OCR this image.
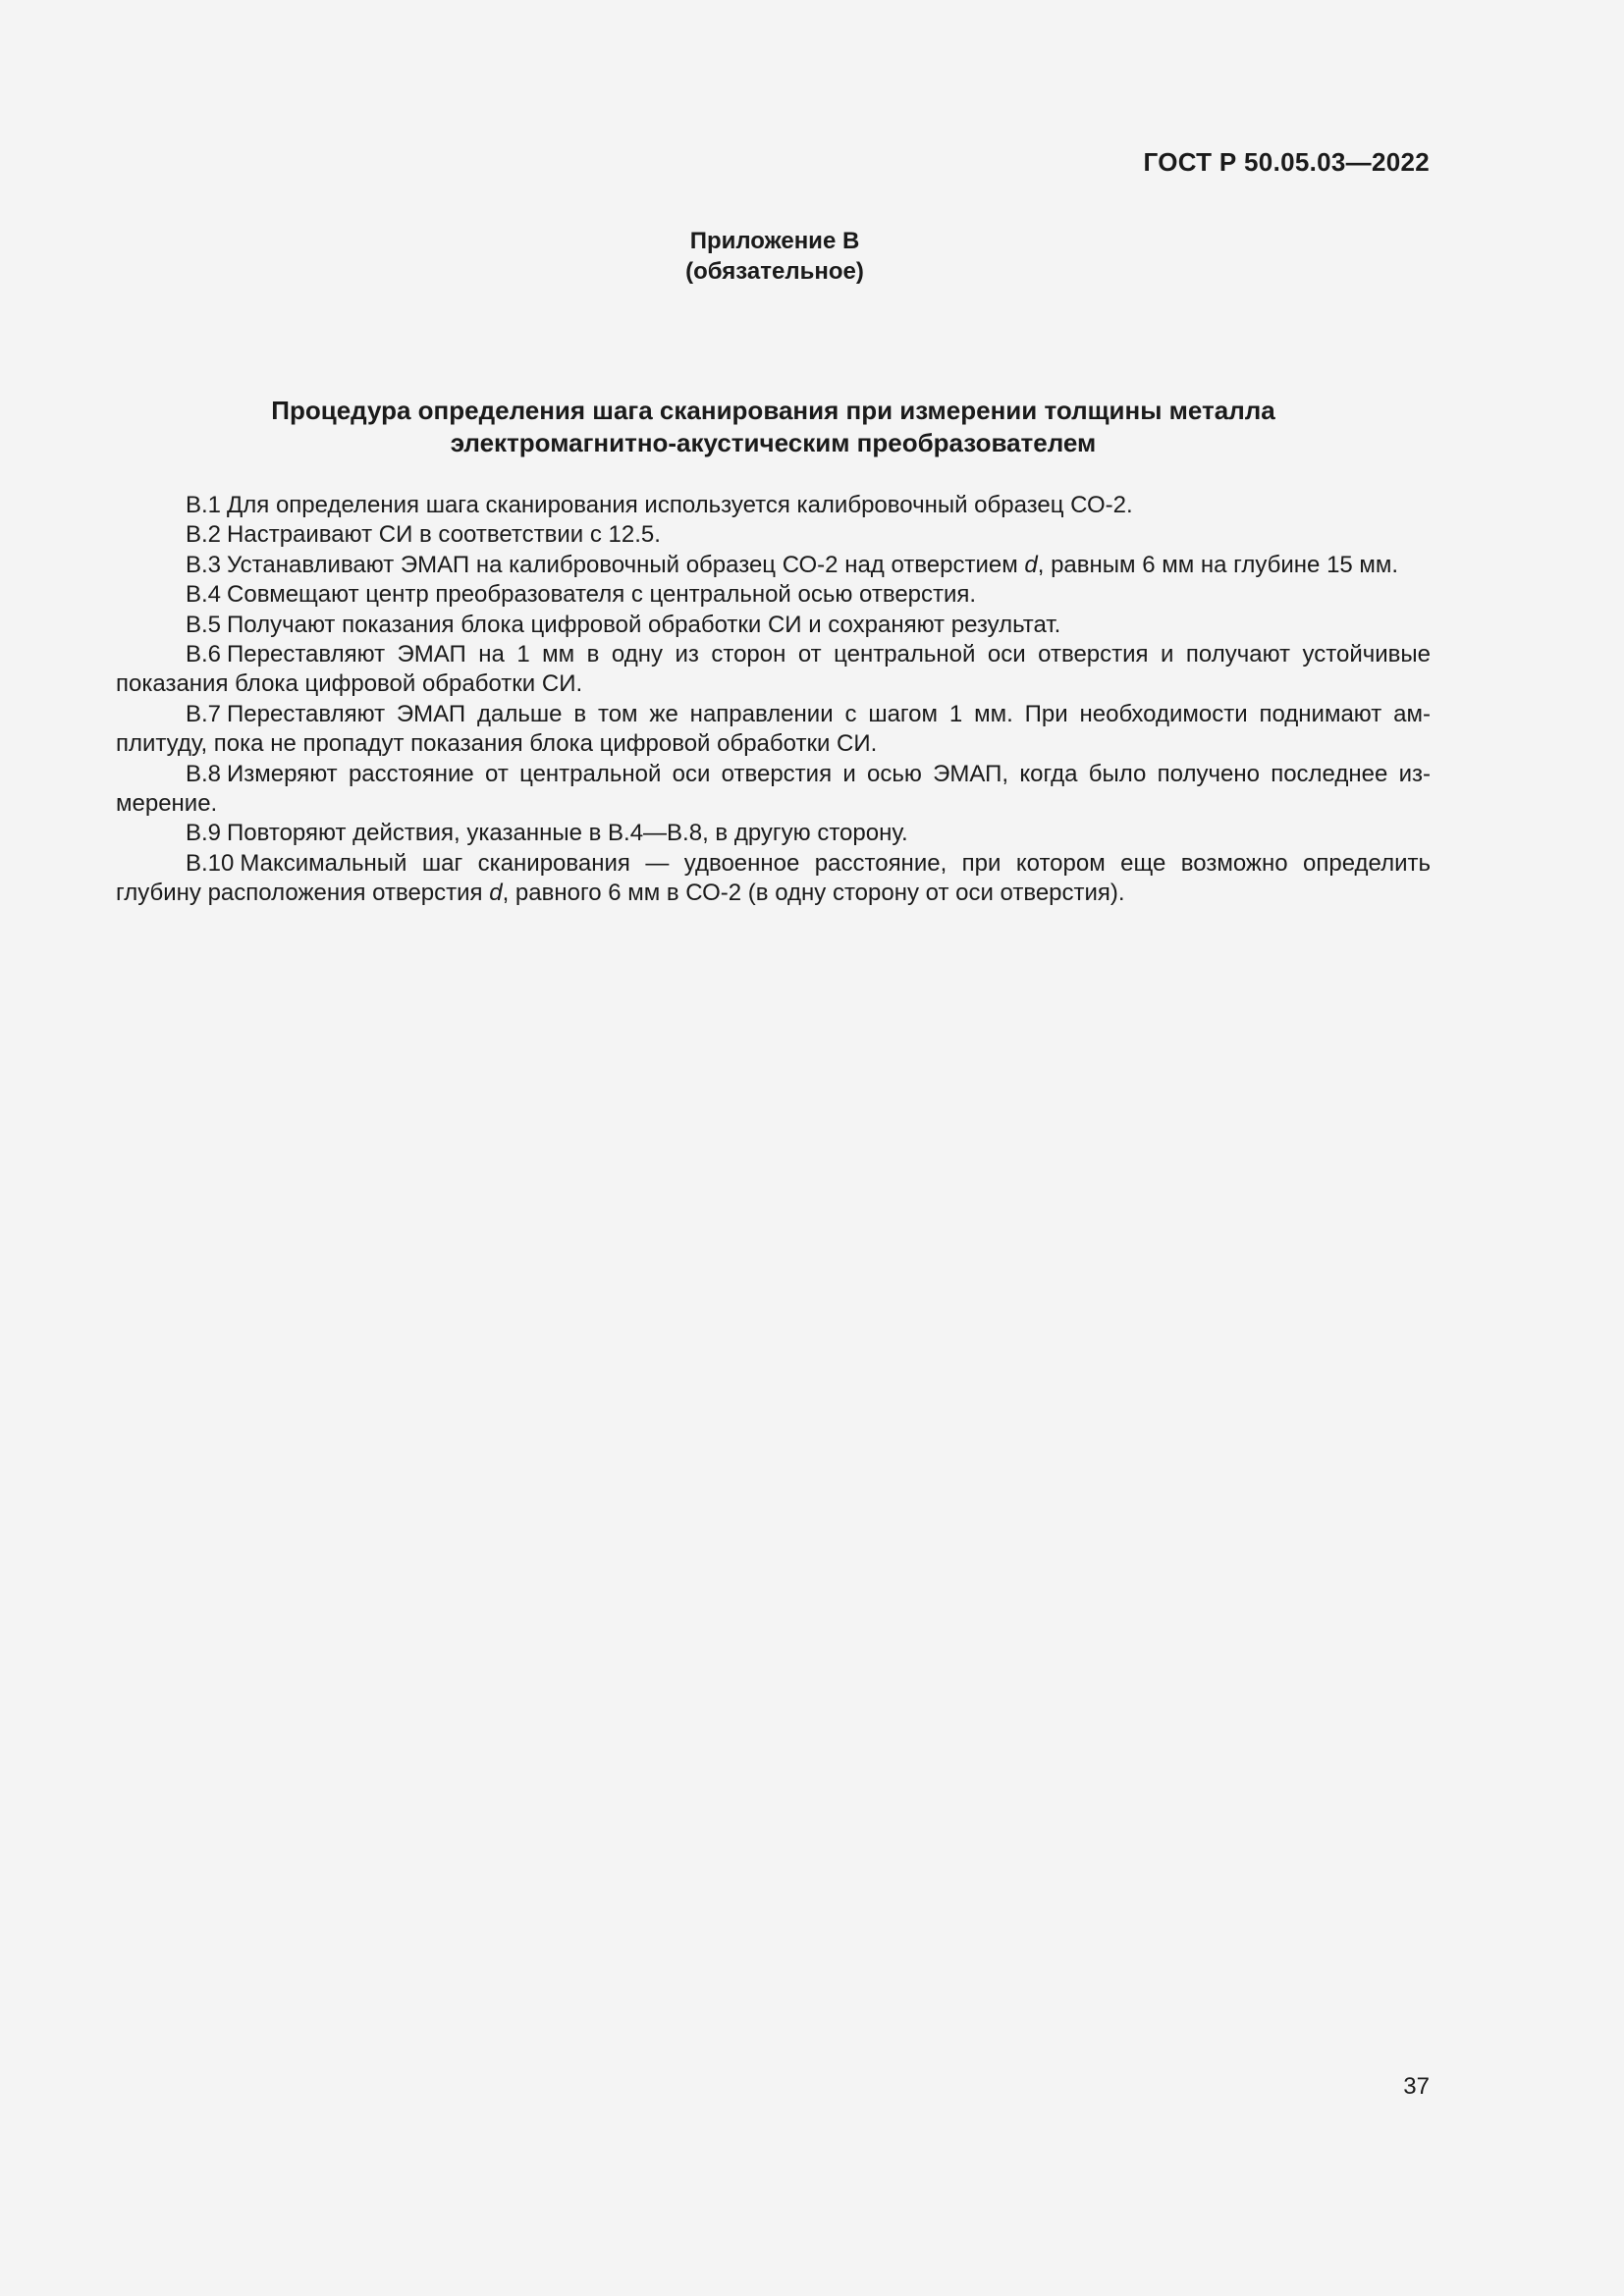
ГОСТ Р 50.05.03—2022

Приложение В
(обязательное)
Процедура определения шага сканирования при измерении толщины металла
электромагнитно-акустическим преобразователем

В.1 Для определения шага сканирования используется калибровочный образец СО-2.

В.2 Настраивают СИ в соответствии с 12.5.

В.3 Устанавливают ЭМАП на калибровочный образец СО-2 над отверстием d, равным 6 мм на глубине 15 мм.

В.4 Совмещают центр преобразователя с центральной осью отверстия.

В.5 Получают показания блока цифровой обработки СИ и сохраняют результат.

В.6 Переставляют ЭМАП на 1 мм в одну из сторон от центральной оси отверстия и получают устойчивые показания блока цифровой обработки СИ.

В.7 Переставляют ЭМАП дальше в том же направлении с шагом 1 мм. При необходимости поднимают амплитуду, пока не пропадут показания блока цифровой обработки СИ.

В.8 Измеряют расстояние от центральной оси отверстия и осью ЭМАП, когда было получено последнее измерение.

В.9 Повторяют действия, указанные в В.4—В.8, в другую сторону.

В.10 Максимальный шаг сканирования — удвоенное расстояние, при котором еще возможно определить глубину расположения отверстия d, равного 6 мм в СО-2 (в одну сторону от оси отверстия).

37
